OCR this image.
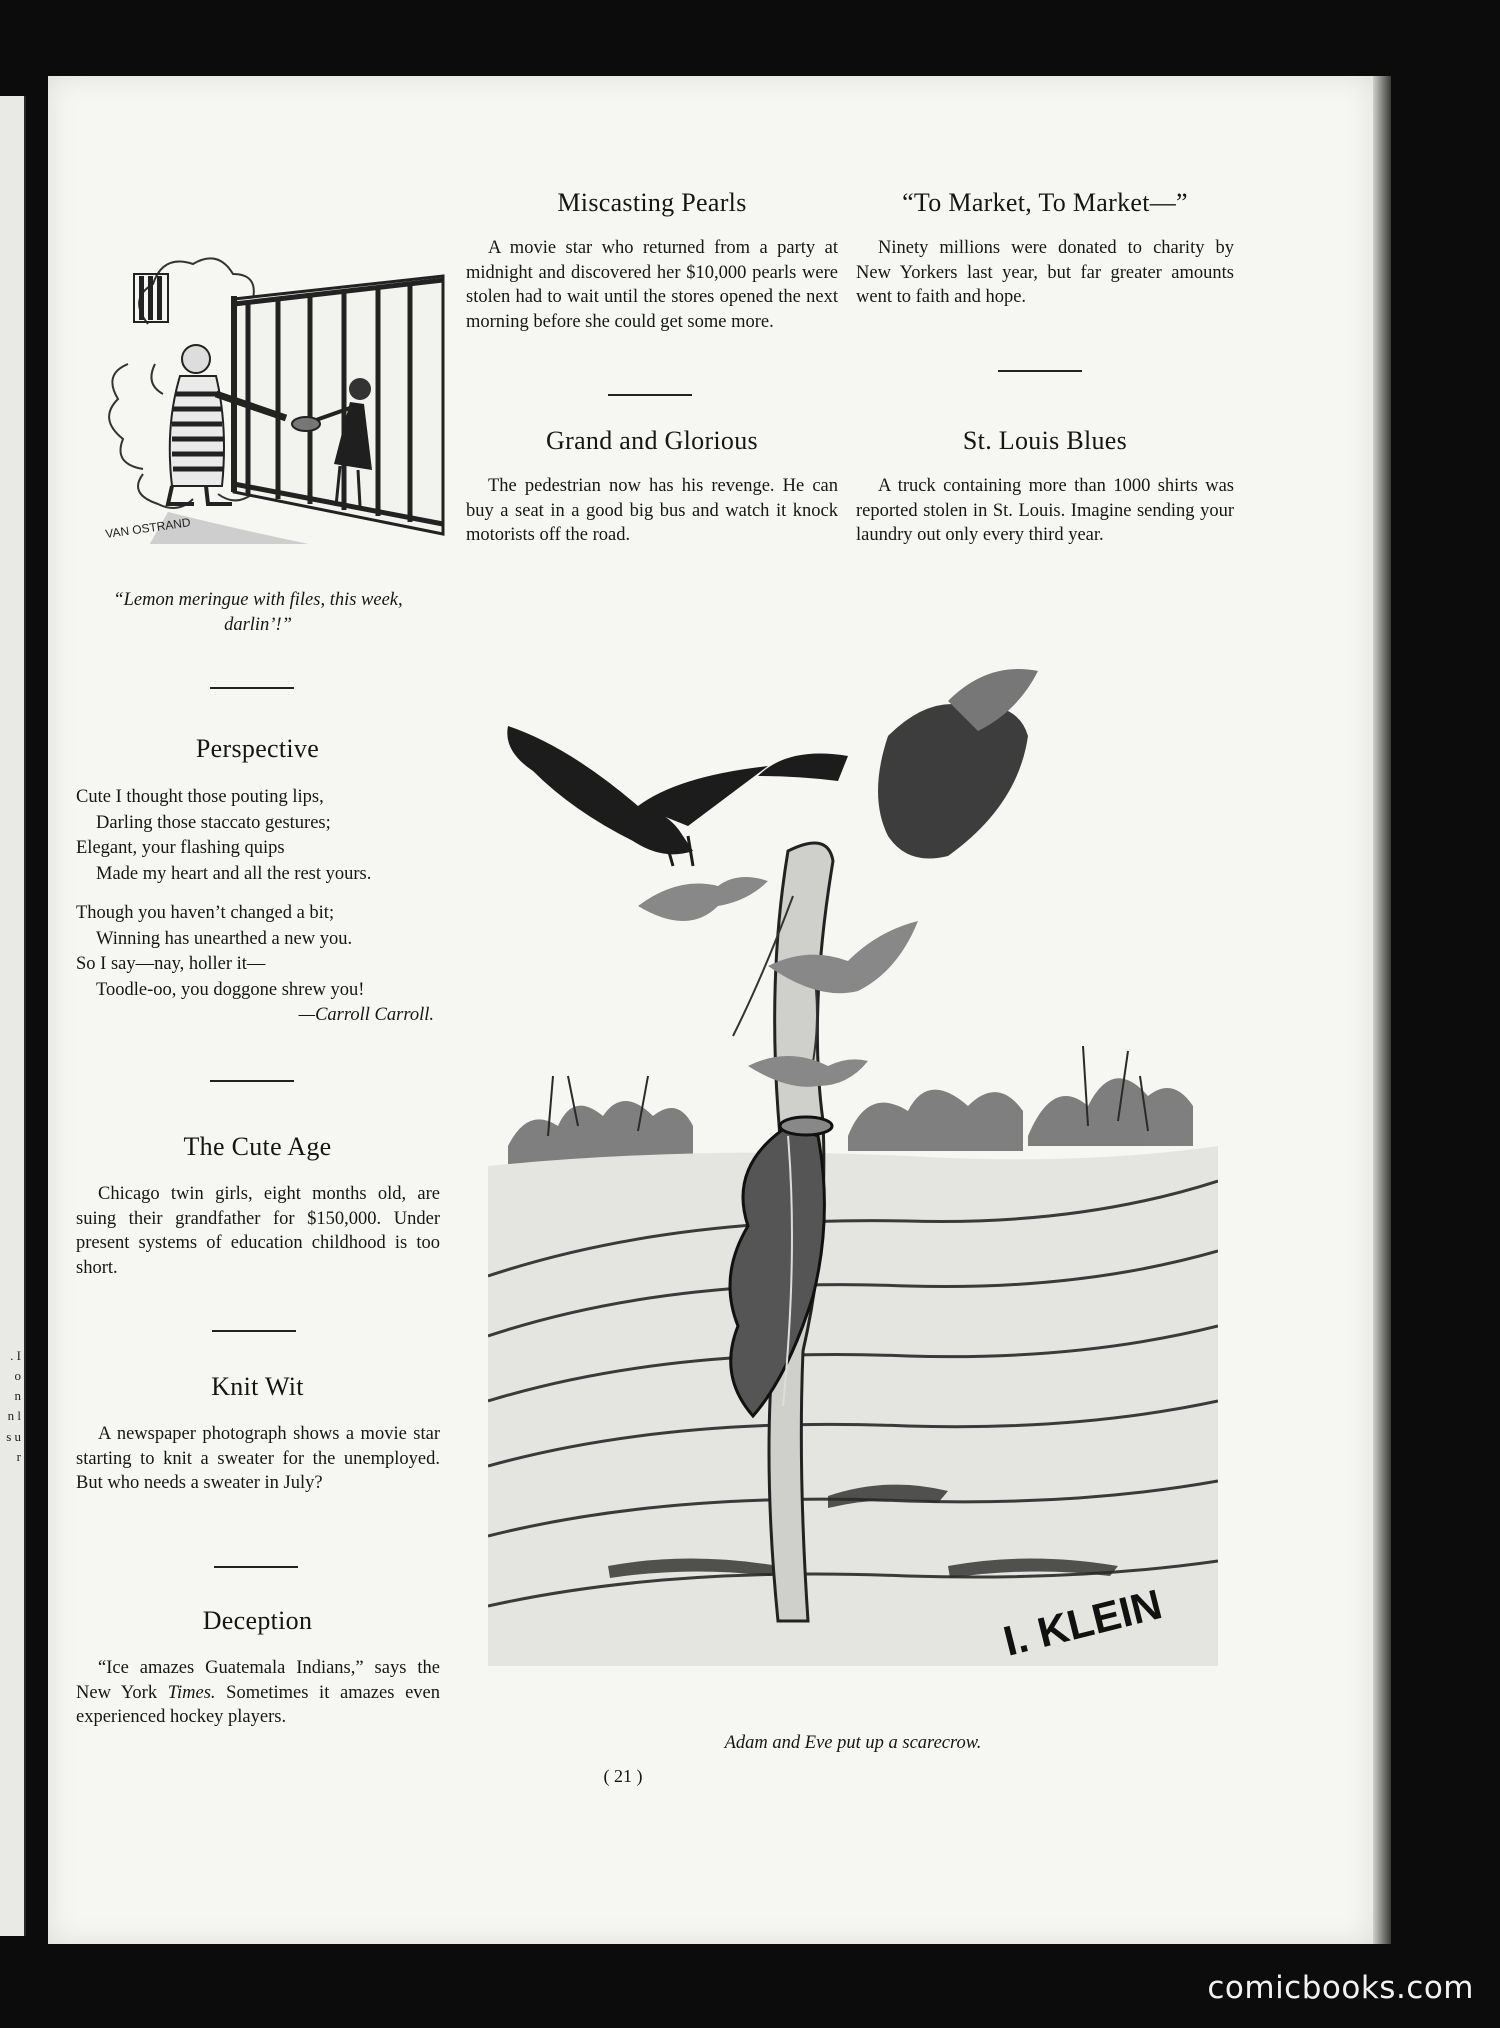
. I o n n l s u r
VAN OSTRAND
“Lemon meringue with files, this week, darlin’!”
Perspective
Cute I thought those pouting lips,
Darling those staccato gestures;
Elegant, your flashing quips
Made my heart and all the rest yours.
Though you haven’t changed a bit;
Winning has unearthed a new you.
So I say—nay, holler it—
Toodle-oo, you doggone shrew you!
—Carroll Carroll.
The Cute Age
Chicago twin girls, eight months old, are suing their grandfather for $150,000. Under present systems of education childhood is too short.
Knit Wit
A newspaper photograph shows a movie star starting to knit a sweater for the unemployed. But who needs a sweater in July?
Deception
“Ice amazes Guatemala Indians,” says the New York Times. Sometimes it amazes even experienced hockey players.
Miscasting Pearls
A movie star who returned from a party at midnight and discovered her $10,000 pearls were stolen had to wait until the stores opened the next morning before she could get some more.
Grand and Glorious
The pedestrian now has his revenge. He can buy a seat in a good big bus and watch it knock motorists off the road.
“To Market, To Market—”
Ninety millions were donated to charity by New Yorkers last year, but far greater amounts went to faith and hope.
St. Louis Blues
A truck containing more than 1000 shirts was reported stolen in St. Louis. Imagine sending your laundry out only every third year.
I. KLEIN
Adam and Eve put up a scarecrow.
( 21 )
comicbooks.com
